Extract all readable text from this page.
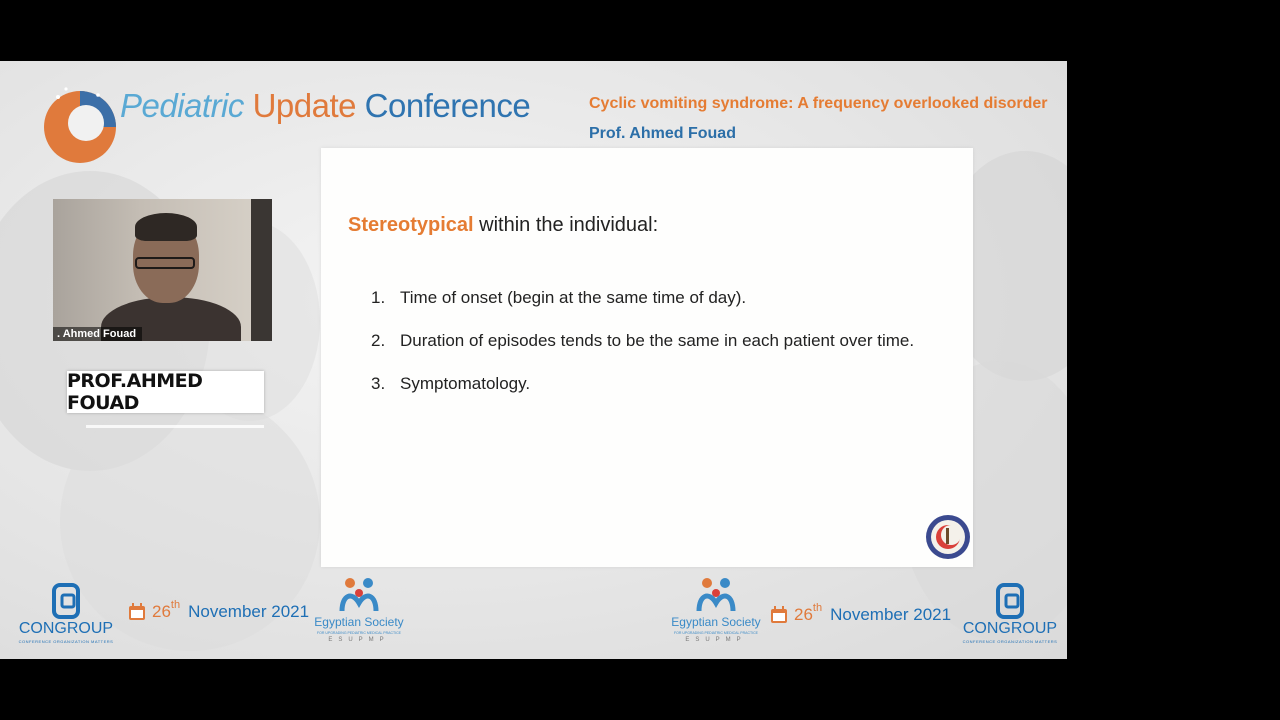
Pediatric Update Conference	Cyclic vomiting syndrome: A frequency overlooked disorder
Prof. Ahmed Fouad
Stereotypical within the individual:
1. Time of onset (begin at the same time of day).
2. Duration of episodes tends to be the same in each patient over time.
3. Symptomatology.
. Ahmed Fouad
PROF.AHMED FOUAD
CONGROUP
CONFERENCE ORGANIZATION MATTERS
26 th November 2021
Egyptian Society
FOR UPGRADING PEDIATRIC MEDICAL PRACTICE
ESUPMP
Egyptian Society
FOR UPGRADING PEDIATRIC MEDICAL PRACTICE
ESUPMP
26 th November 2021
CONGROUP
CONFERENCE ORGANIZATION MATTERS
